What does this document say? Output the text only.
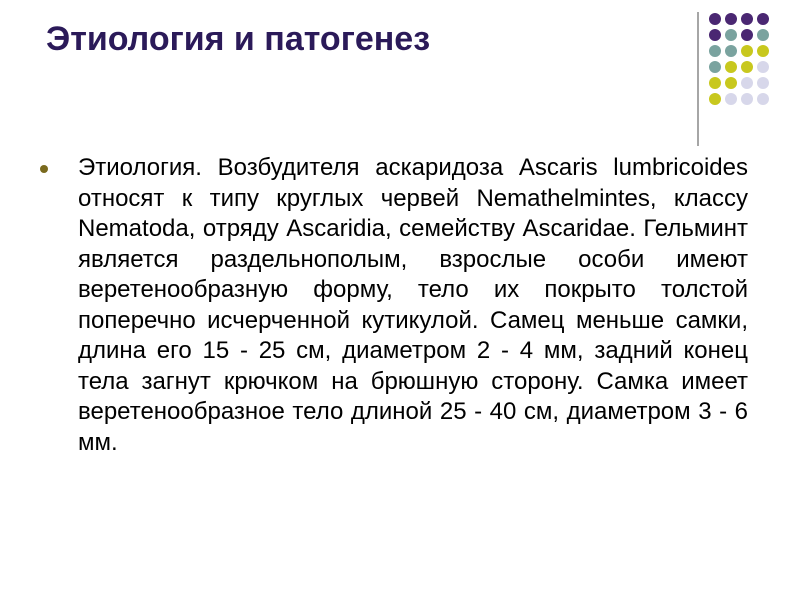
Этиология и патогенез
Этиология. Возбудителя аскаридоза Ascaris lumbricoides относят к типу круглых червей Nemathelmintes, классу Nematoda, отряду Ascaridia, семейству Ascaridae. Гельминт является раздельнополым, взрослые особи имеют веретенообразную форму, тело их покрыто толстой поперечно исчерченной кутикулой. Самец меньше самки, длина его 15 - 25 см, диаметром 2 - 4 мм, задний конец тела загнут крючком на брюшную сторону. Самка имеет веретенообразное тело длиной 25 - 40 см, диаметром 3 - 6 мм.
